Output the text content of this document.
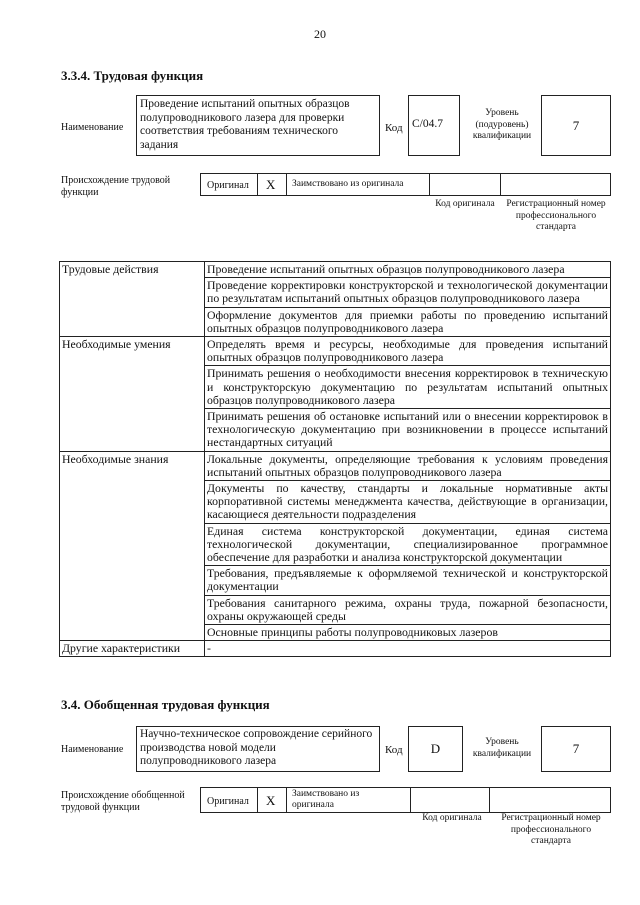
20
3.3.4. Трудовая функция
Наименование
Проведение испытаний опытных образцов полупроводникового лазера для проверки соответствия требованиям технического задания
Код C/04.7
Уровень (подуровень) квалификации
7
Происхождение трудовой функции
Оригинал X Заимствовано из оригинала
Код оригинала Регистрационный номер профессионального стандарта
Трудовые действия	Проведение испытаний опытных образцов полупроводникового лазера
	Проведение корректировки конструкторской и технологической документации по результатам испытаний опытных образцов полупроводникового лазера
	Оформление документов для приемки работы по проведению испытаний опытных образцов полупроводникового лазера
Необходимые умения	Определять время и ресурсы, необходимые для проведения испытаний опытных образцов полупроводникового лазера
	Принимать решения о необходимости внесения корректировок в техническую и конструкторскую документацию по результатам испытаний опытных образцов полупроводникового лазера
	Принимать решения об остановке испытаний или о внесении корректировок в технологическую документацию при возникновении в процессе испытаний нестандартных ситуаций
Необходимые знания	Локальные документы, определяющие требования к условиям проведения испытаний опытных образцов полупроводникового лазера
	Документы по качеству, стандарты и локальные нормативные акты корпоративной системы менеджмента качества, действующие в организации, касающиеся деятельности подразделения
	Единая система конструкторской документации, единая система технологической документации, специализированное программное обеспечение для разработки и анализа конструкторской документации
	Требования, предъявляемые к оформляемой технической и конструкторской документации
	Требования санитарного режима, охраны труда, пожарной безопасности, охраны окружающей среды
	Основные принципы работы полупроводниковых лазеров
Другие характеристики	-
3.4. Обобщенная трудовая функция
Наименование
Научно-техническое сопровождение серийного производства новой модели полупроводникового лазера
Код	D	Уровень квалификации	7
Происхождение обобщенной трудовой функции
Оригинал X Заимствовано из оригинала
Код оригинала	Регистрационный номер профессионального стандарта
